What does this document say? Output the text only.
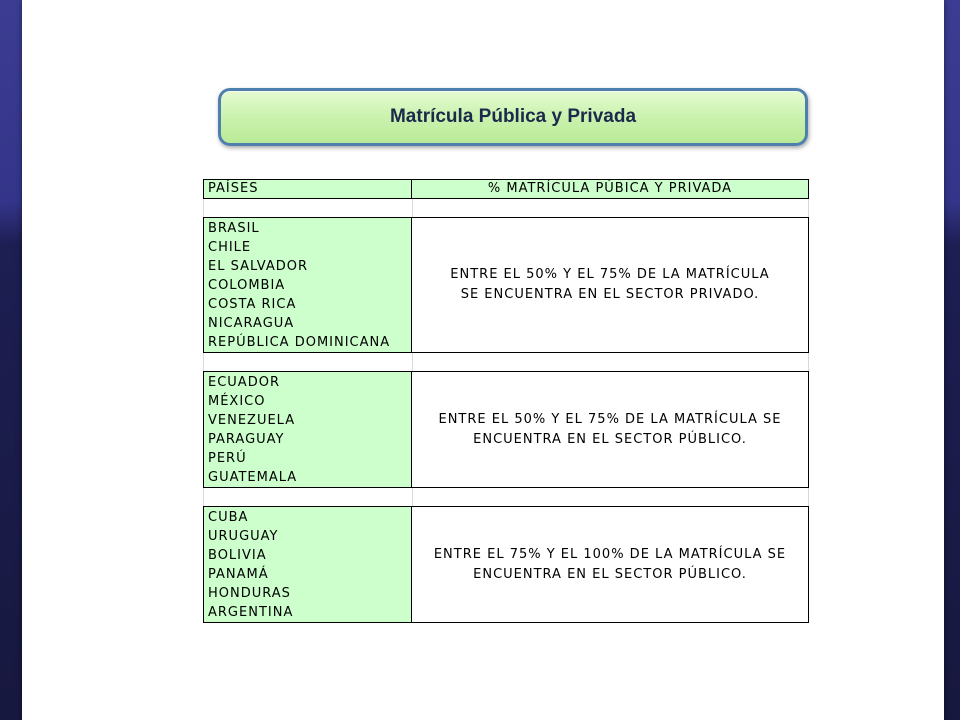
Matrícula Pública y Privada
PAÍSES	% MATRÍCULA PÚBICA Y PRIVADA
BRASIL
CHILE
EL SALVADOR
COLOMBIA
COSTA RICA
NICARAGUA
REPÚBLICA DOMINICANA
ENTRE EL 50% Y EL 75% DE LA MATRÍCULA
SE ENCUENTRA EN EL SECTOR PRIVADO.
ECUADOR
MÉXICO
VENEZUELA
PARAGUAY
PERÚ
GUATEMALA
ENTRE EL 50% Y EL 75% DE LA MATRÍCULA SE
ENCUENTRA EN EL SECTOR PÚBLICO.
CUBA
URUGUAY
BOLIVIA
PANAMÁ
HONDURAS
ARGENTINA
ENTRE EL 75% Y EL 100% DE LA MATRÍCULA SE
ENCUENTRA EN EL SECTOR PÚBLICO.
